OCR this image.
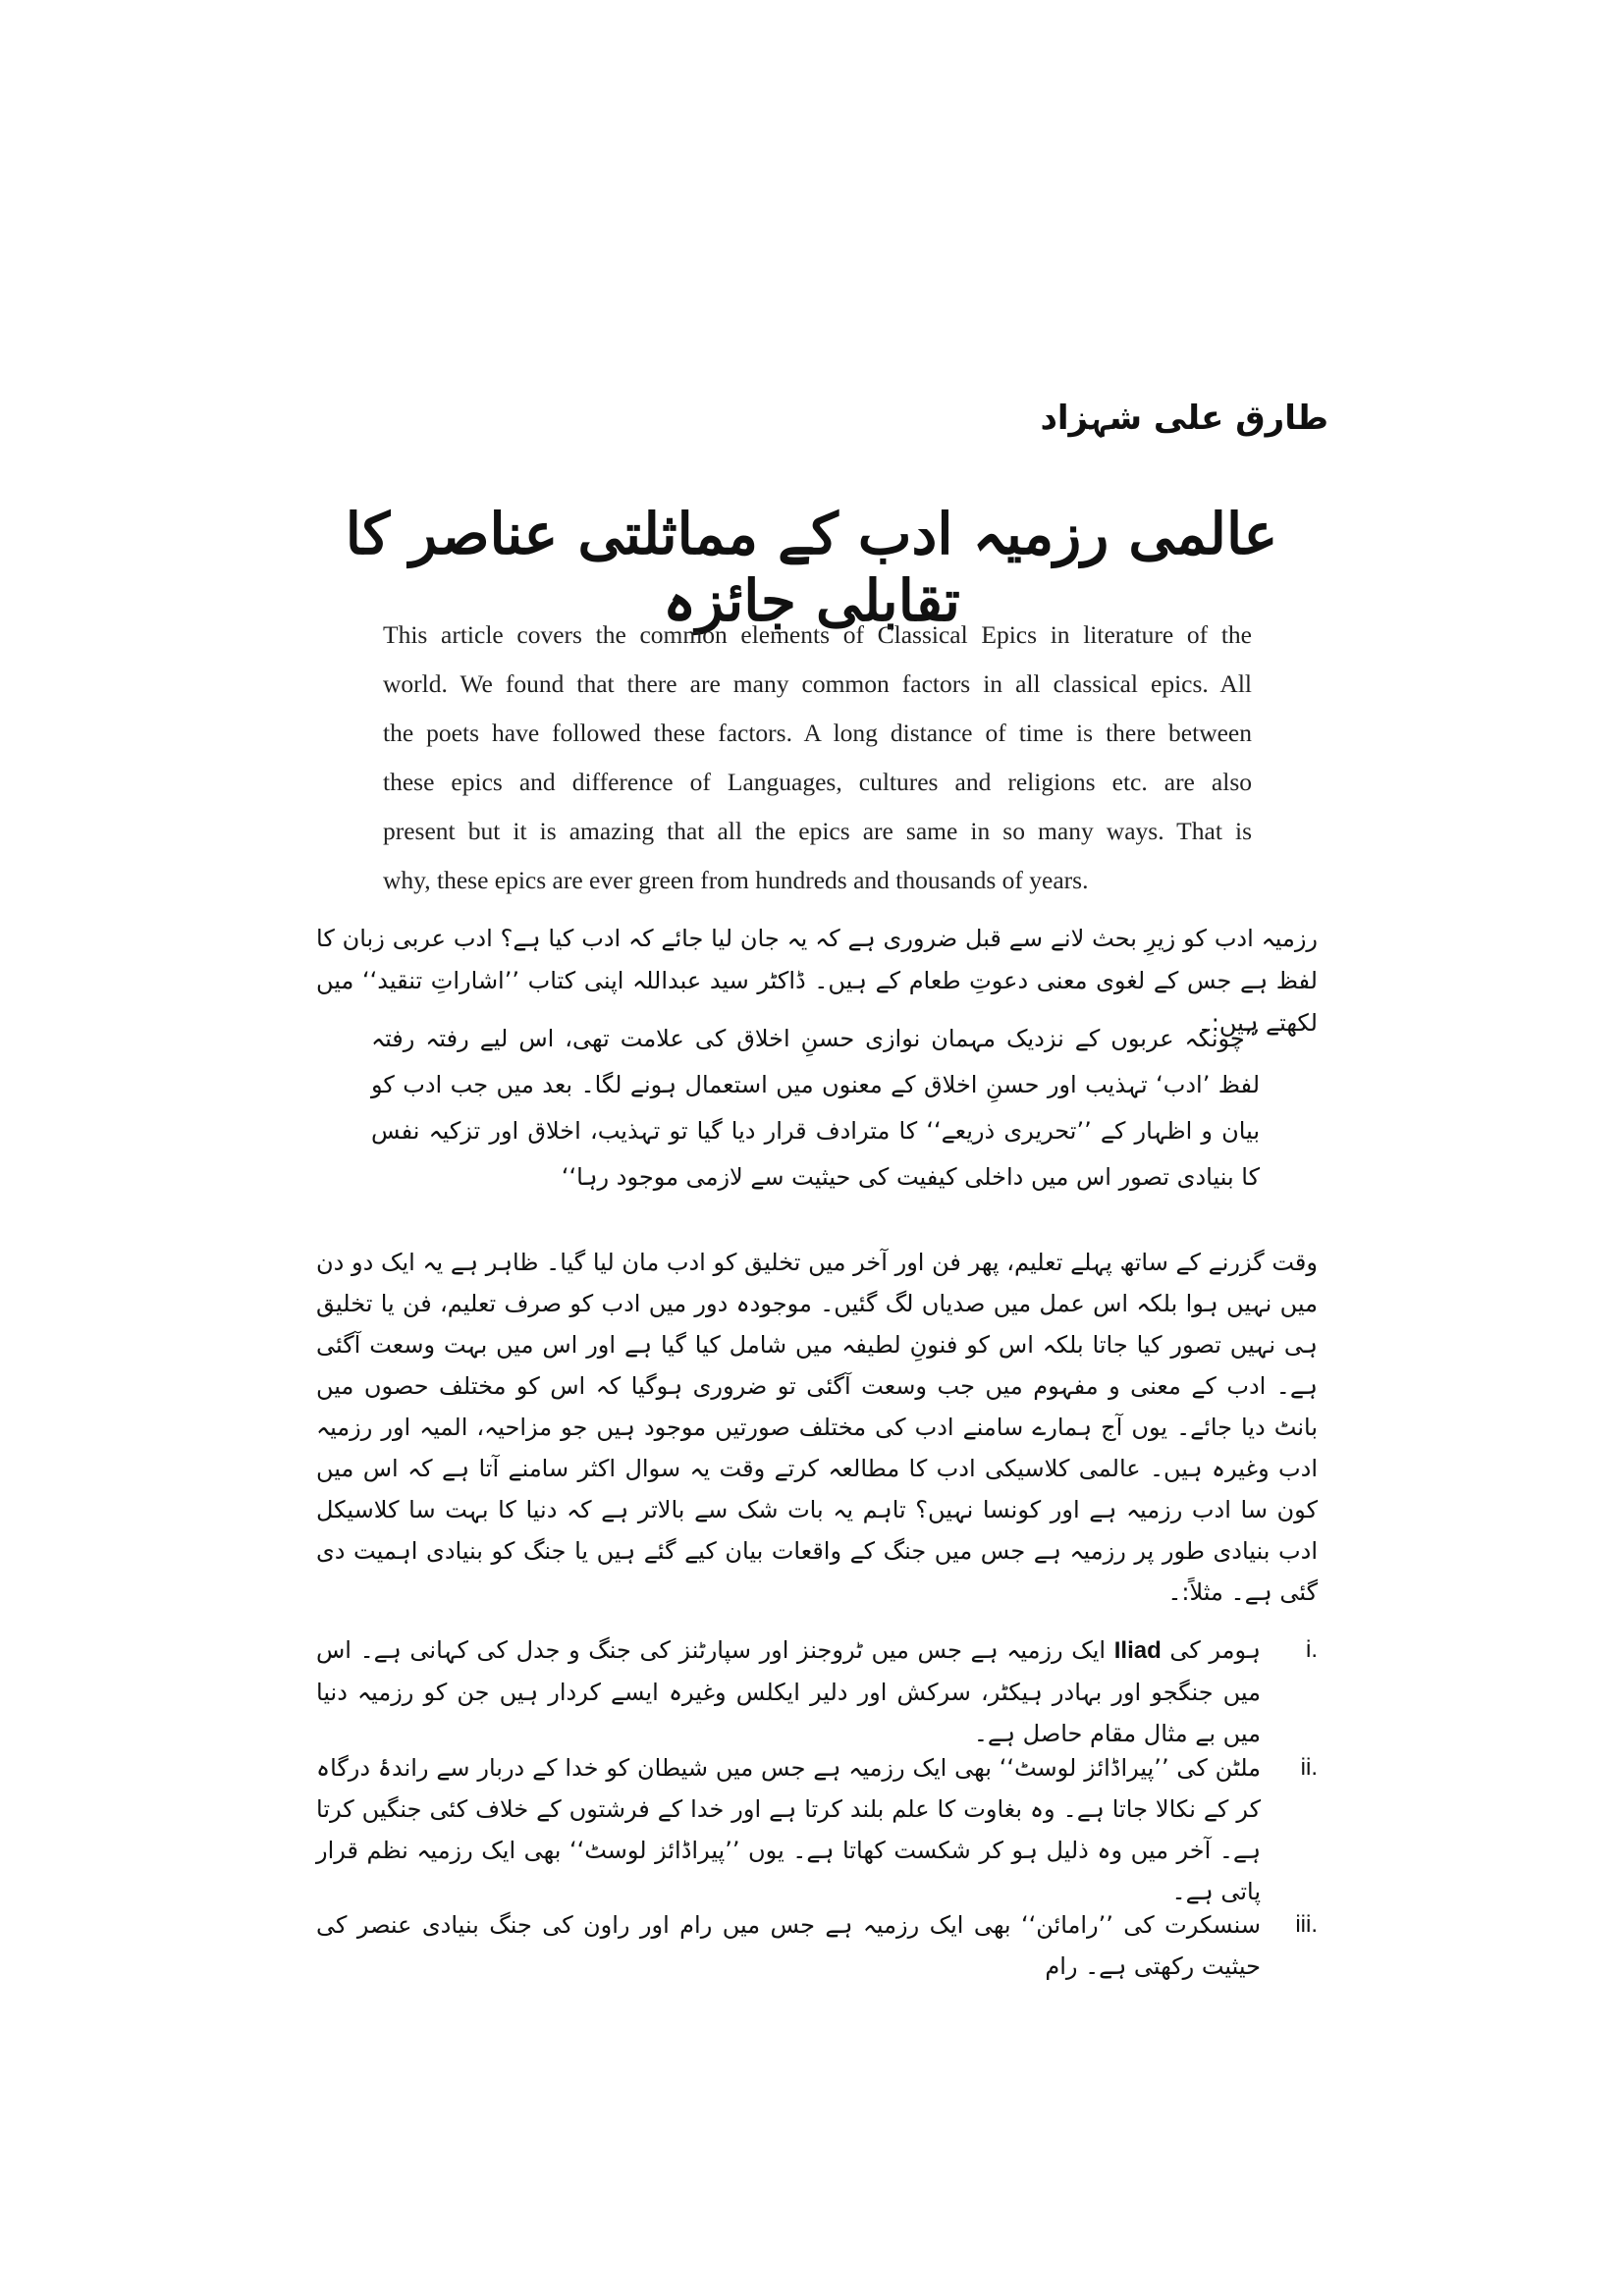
طارق علی شہزاد
عالمی رزمیہ ادب کے مماثلتی عناصر کا تقابلی جائزہ
This article covers the common elements of Classical Epics in literature of the
world. We found that there are many common factors in all classical epics. All
the poets have followed these factors. A long distance of time is there between
these epics and difference of Languages, cultures and religions etc. are also
present but it is amazing that all the epics are same in so many ways. That is
why, these epics are ever green from hundreds and thousands of years.
رزمیہ ادب کو زیرِ بحث لانے سے قبل ضروری ہے کہ یہ جان لیا جائے کہ ادب کیا ہے؟ ادب عربی زبان کا لفظ ہے جس کے لغوی معنی دعوتِ طعام کے ہیں۔ ڈاکٹر سید عبداللہ اپنی کتاب ’’اشاراتِ تنقید‘‘ میں لکھتے ہیں:۔
’’چونکہ عربوں کے نزدیک مہمان نوازی حسنِ اخلاق کی علامت تھی، اس لیے رفتہ رفتہ لفظ ’ادب‘ تہذیب اور حسنِ اخلاق کے معنوں میں استعمال ہونے لگا۔ بعد میں جب ادب کو بیان و اظہار کے ’’تحریری ذریعے‘‘ کا مترادف قرار دیا گیا تو تہذیب، اخلاق اور تزکیہ نفس کا بنیادی تصور اس میں داخلی کیفیت کی حیثیت سے لازمی موجود رہا‘‘
وقت گزرنے کے ساتھ پہلے تعلیم، پھر فن اور آخر میں تخلیق کو ادب مان لیا گیا۔ ظاہر ہے یہ ایک دو دن میں نہیں ہوا بلکہ اس عمل میں صدیاں لگ گئیں۔ موجودہ دور میں ادب کو صرف تعلیم، فن یا تخلیق ہی نہیں تصور کیا جاتا بلکہ اس کو فنونِ لطیفہ میں شامل کیا گیا ہے اور اس میں بہت وسعت آگئی ہے۔ ادب کے معنی و مفہوم میں جب وسعت آگئی تو ضروری ہوگیا کہ اس کو مختلف حصوں میں بانٹ دیا جائے۔ یوں آج ہمارے سامنے ادب کی مختلف صورتیں موجود ہیں جو مزاحیہ، المیہ اور رزمیہ ادب وغیرہ ہیں۔ عالمی کلاسیکی ادب کا مطالعہ کرتے وقت یہ سوال اکثر سامنے آتا ہے کہ اس میں کون سا ادب رزمیہ ہے اور کونسا نہیں؟ تاہم یہ بات شک سے بالاتر ہے کہ دنیا کا بہت سا کلاسیکل ادب بنیادی طور پر رزمیہ ہے جس میں جنگ کے واقعات بیان کیے گئے ہیں یا جنگ کو بنیادی اہمیت دی گئی ہے۔ مثلاً:۔
i.
ہومر کی Iliad ایک رزمیہ ہے جس میں ٹروجنز اور سپارٹنز کی جنگ و جدل کی کہانی ہے۔ اس میں جنگجو اور بہادر ہیکٹر، سرکش اور دلیر ایکلس وغیرہ ایسے کردار ہیں جن کو رزمیہ دنیا میں بے مثال مقام حاصل ہے۔
ii.
ملٹن کی ’’پیراڈائز لوسٹ‘‘ بھی ایک رزمیہ ہے جس میں شیطان کو خدا کے دربار سے راندۂ درگاہ کر کے نکالا جاتا ہے۔ وہ بغاوت کا علم بلند کرتا ہے اور خدا کے فرشتوں کے خلاف کئی جنگیں کرتا ہے۔ آخر میں وہ ذلیل ہو کر شکست کھاتا ہے۔ یوں ’’پیراڈائز لوسٹ‘‘ بھی ایک رزمیہ نظم قرار پاتی ہے۔
iii.
سنسکرت کی ’’رامائن‘‘ بھی ایک رزمیہ ہے جس میں رام اور راون کی جنگ بنیادی عنصر کی حیثیت رکھتی ہے۔ رام
